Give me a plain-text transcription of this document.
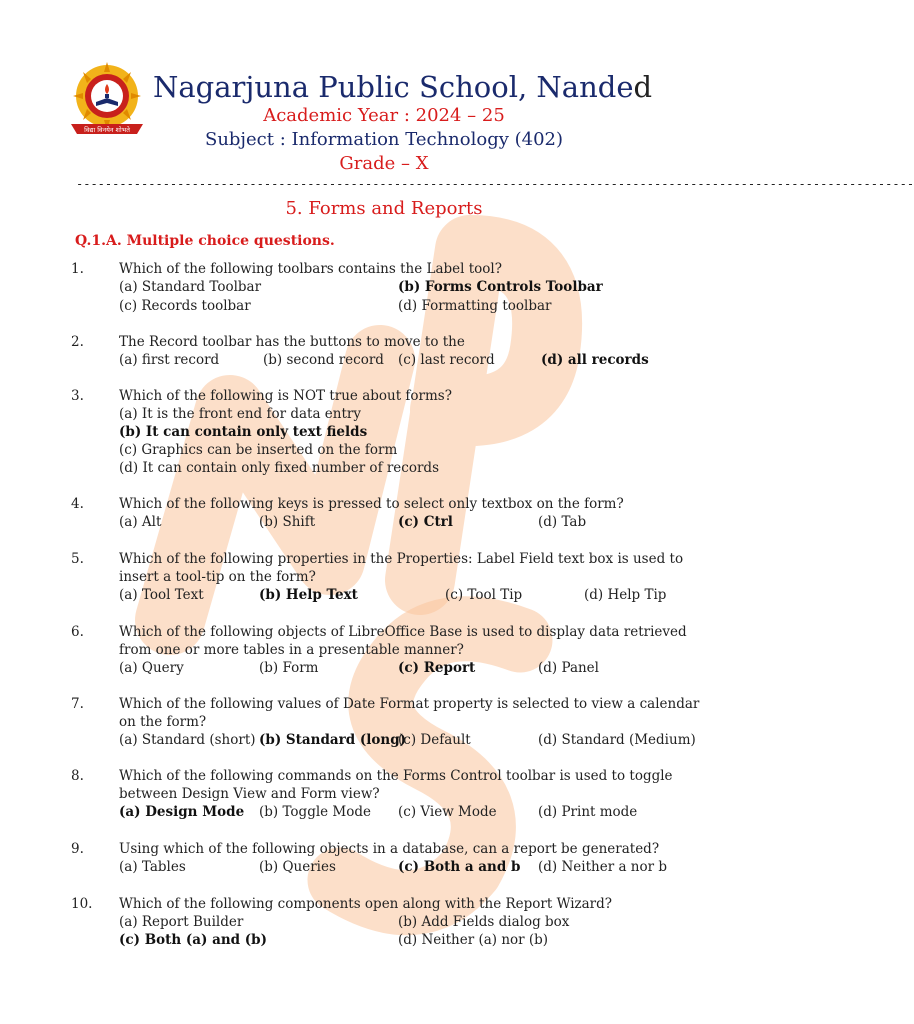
विद्या विनयेन शोभते
Nagarjuna Public School, Nanded
Academic Year : 2024 – 25
Subject : Information Technology (402)
Grade – X
--------------------------------------------------------------------------------------------------------------------
5. Forms and Reports
Q.1.A. Multiple choice questions.
1.	Which of the following toolbars contains the Label tool?
(a) Standard Toolbar	(b) Forms Controls Toolbar
(c) Records toolbar	(d) Formatting toolbar
2.	The Record toolbar has the buttons to move to the
(a) first record	(b) second record (c) last record	(d) all records
3.	Which of the following is NOT true about forms?
(a) It is the front end for data entry
(b) It can contain only text fields
(c) Graphics can be inserted on the form
(d) It can contain only fixed number of records
4.	Which of the following keys is pressed to select only textbox on the form?
(a) Alt	(b) Shift	(c) Ctrl	(d) Tab
5.	Which of the following properties in the Properties: Label Field text box is used to
insert a tool-tip on the form?
(a) Tool Text	(b) Help Text	(c) Tool Tip	(d) Help Tip
6.	Which of the following objects of LibreOffice Base is used to display data retrieved
from one or more tables in a presentable manner?
(a) Query	(b) Form	(c) Report	(d) Panel
7.	Which of the following values of Date Format property is selected to view a calendar
on the form?
(a) Standard (short) (b) Standard (long)
(c) Default	(d) Standard (Medium)
8.	Which of the following commands on the Forms Control toolbar is used to toggle
between Design View and Form view?
(a) Design Mode (b) Toggle Mode (c) View Mode	(d) Print mode
9.	Using which of the following objects in a database, can a report be generated?
(a) Tables	(b) Queries	(c) Both a and b (d) Neither a nor b
10. Which of the following components open along with the Report Wizard?
(a) Report Builder	(b) Add Fields dialog box
(c) Both (a) and (b)	(d) Neither (a) nor (b)
